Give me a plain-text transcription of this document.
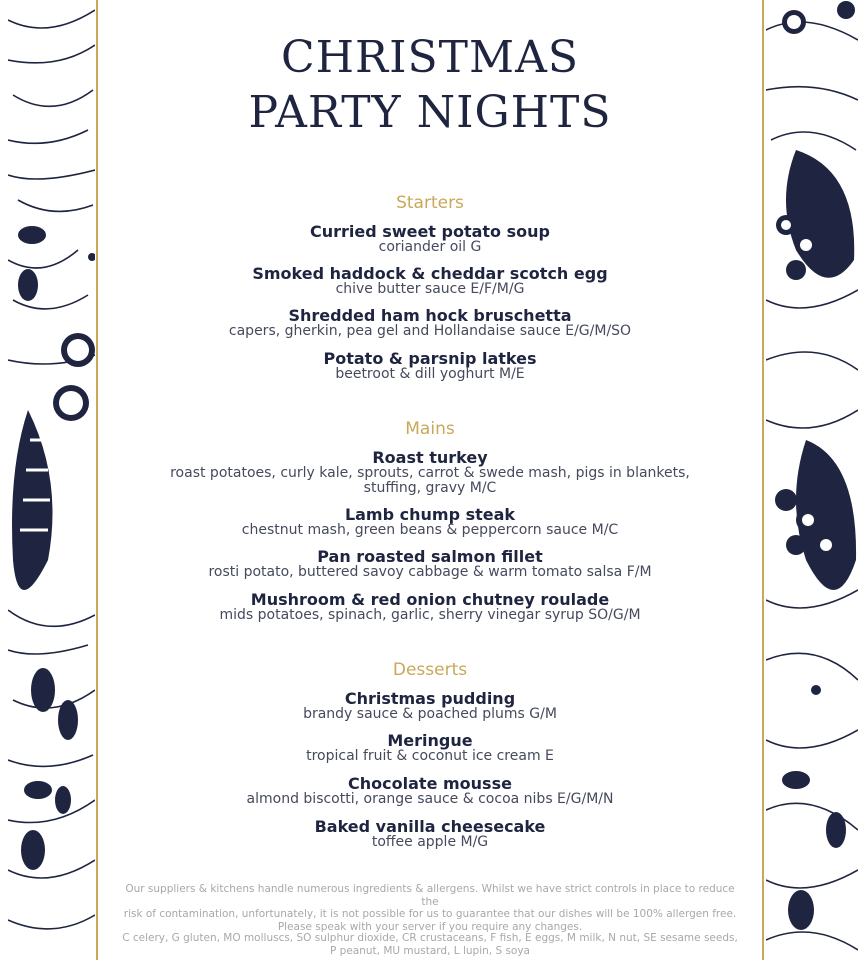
CHRISTMAS
PARTY NIGHTS
Starters
Curried sweet potato soup
coriander oil G
Smoked haddock & cheddar scotch egg
chive butter sauce E/F/M/G
Shredded ham hock bruschetta
capers, gherkin, pea gel and Hollandaise sauce E/G/M/SO
Potato & parsnip latkes
beetroot & dill yoghurt M/E
Mains
Roast turkey
roast potatoes, curly kale, sprouts, carrot & swede mash, pigs in blankets,
stuffing, gravy M/C
Lamb chump steak
chestnut mash, green beans & peppercorn sauce M/C
Pan roasted salmon fillet
rosti potato, buttered savoy cabbage & warm tomato salsa F/M
Mushroom & red onion chutney roulade
mids potatoes, spinach, garlic, sherry vinegar syrup SO/G/M
Desserts
Christmas pudding
brandy sauce & poached plums G/M
Meringue
tropical fruit & coconut ice cream E
Chocolate mousse
almond biscotti, orange sauce & cocoa nibs E/G/M/N
Baked vanilla cheesecake
toffee apple M/G
Our suppliers & kitchens handle numerous ingredients & allergens. Whilst we have strict controls in place to reduce the
risk of contamination, unfortunately, it is not possible for us to guarantee that our dishes will be 100% allergen free.
Please speak with your server if you require any changes.
C celery, G gluten, MO molluscs, SO sulphur dioxide, CR crustaceans, F fish, E eggs, M milk, N nut, SE sesame seeds,
P peanut, MU mustard, L lupin, S soya
